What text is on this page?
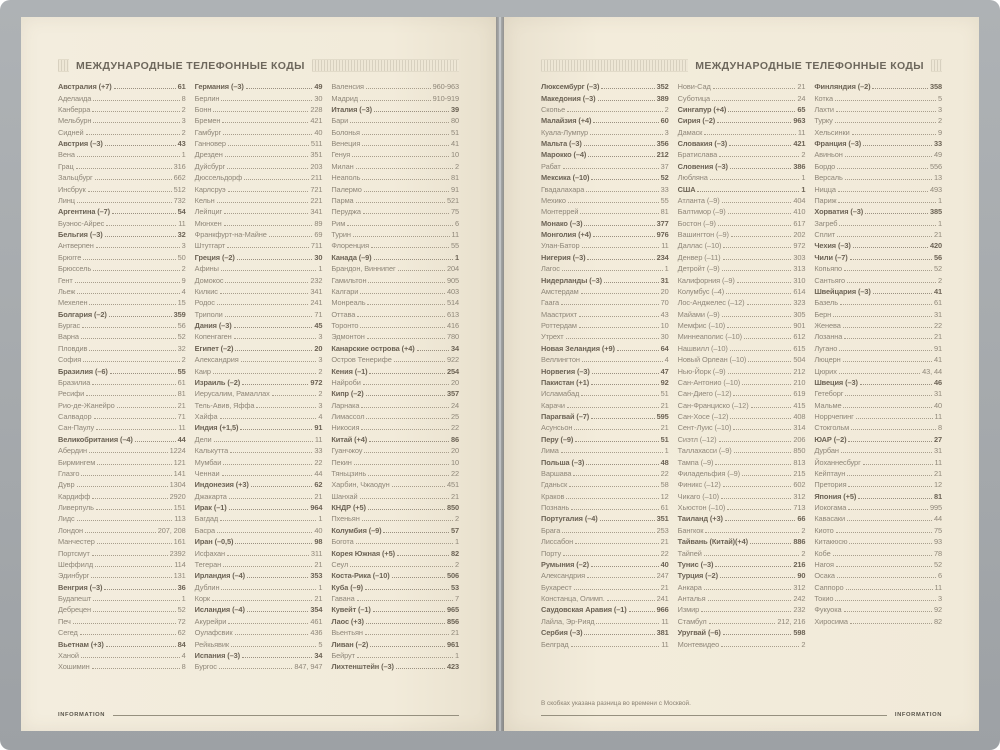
МЕЖДУНАРОДНЫЕ ТЕЛЕФОННЫЕ КОДЫ
Австралия (+7)	61
Аделаида	8
Канберра	2
Мельбурн	3
Сидней	2
Австрия (–3)	43
Вена	1
Грац	316
Зальцбург	662
Инсбрук	512
Линц	732
Аргентина (–7)	54
Буэнос-Айрес	11
Бельгия (–3)	32
Антверпен	3
Брюгге	50
Брюссель	2
Гент	9
Льеж	4
Мехелен	15
Болгария (–2)	359
Бургас	56
Варна	52
Пловдив	32
София	2
Бразилия (–6)	55
Бразилиа	61
Ресифи	81
Рио-де-Жанейро	21
Салвадор	71
Сан-Паулу	11
Великобритания (–4)	44
Абердин	1224
Бирмингем	121
Глазго	141
Дувр	1304
Кардифф	2920
Ливерпуль	151
Лидс	113
Лондон	207, 208
Манчестер	161
Портсмут	2392
Шеффилд	114
Эдинбург	131
Венгрия (–3)	36
Будапешт	1
Дебрецен	52
Печ	72
Сегед	62
Вьетнам (+3)	84
Ханой	4
Хошимин	8
Германия (–3)	49
Берлин	30
Бонн	228
Бремен	421
Гамбург	40
Ганновер	511
Дрезден	351
Дуйсбург	203
Дюссельдорф	211
Карлсруэ	721
Кельн	221
Лейпциг	341
Мюнхен	89
Франкфурт-на-Майне	69
Штутгарт	711
Греция (–2)	30
Афины	1
Домокос	232
Килкис	341
Родос	241
Триполи	71
Дания (–3)	45
Копенгаген	3
Египет (–2)	20
Александрия	3
Каир	2
Израиль (–2)	972
Иерусалим, Рамаллах	2
Тель-Авив, Яффа	3
Хайфа	4
Индия (+1,5)	91
Дели	11
Калькутта	33
Мумбаи	22
Ченнаи	44
Индонезия (+3)	62
Джакарта	21
Ирак (–1)	964
Багдад	1
Басра	40
Иран (–0,5)	98
Исфахан	311
Тегеран	21
Ирландия (–4)	353
Дублин	1
Корк	21
Исландия (–4)	354
Акурейри	461
Оулафсвик	436
Рейкьявик	5
Испания (–3)	34
Бургос	847, 947
Валенсия	960-963
Мадрид	910-919
Италия (–3)	39
Бари	80
Болонья	51
Венеция	41
Генуя	10
Милан	2
Неаполь	81
Палермо	91
Парма	521
Перуджа	75
Рим	6
Турин	11
Флоренция	55
Канада (–9)	1
Брандон, Виннипег	204
Гамильтон	905
Калгари	403
Монреаль	514
Оттава	613
Торонто	416
Эдмонтон	780
Канарские острова (+4)	34
Остров Тенерифе	922
Кения (–1)	254
Найроби	20
Кипр (–2)	357
Ларнака	24
Лимассол	25
Никосия	22
Китай (+4)	86
Гуанчжоу	20
Пекин	10
Тяньцзинь	22
Харбин, Чжаодун	451
Шанхай	21
КНДР (+5)	850
Пхеньян	2
Колумбия (–9)	57
Богота	1
Корея Южная (+5)	82
Сеул	2
Коста-Рика (–10)	506
Куба (–9)	53
Гавана	7
Кувейт (–1)	965
Лаос (+3)	856
Вьентьян	21
Ливан (–2)	961
Бейрут	1
Лихтенштейн (–3)	423
INFORMATION
МЕЖДУНАРОДНЫЕ ТЕЛЕФОННЫЕ КОДЫ
Люксембург (–3)	352
Македония (–3)	389
Скопье	2
Малайзия (+4)	60
Куала-Лумпур	3
Мальта (–3)	356
Марокко (–4)	212
Рабат	37
Мексика (–10)	52
Гвадалахара	33
Мехико	55
Монтеррей	81
Монако (–3)	377
Монголия (+4)	976
Улан-Батор	11
Нигерия (–3)	234
Лагос	1
Нидерланды (–3)	31
Амстердам	20
Гаага	70
Маастрихт	43
Роттердам	10
Утрехт	30
Новая Зеландия (+9)	64
Веллингтон	4
Норвегия (–3)	47
Пакистан (+1)	92
Исламабад	51
Карачи	21
Парагвай (–7)	595
Асунсьон	21
Перу (–9)	51
Лима	1
Польша (–3)	48
Варшава	22
Гданьск	58
Краков	12
Познань	61
Португалия (–4)	351
Брага	253
Лиссабон	21
Порту	22
Румыния (–2)	40
Александрия	247
Бухарест	21
Констанца, Олимп.	241
Саудовская Аравия (–1)	966
Лайла, Эр-Рияд	11
Сербия (–3)	381
Белград	11
Нови-Сад	21
Суботица	24
Сингапур (+4)	65
Сирия (–2)	963
Дамаск	11
Словакия (–3)	421
Братислава	2
Словения (–3)	386
Любляна	1
США	1
Атланта (–9)	404
Балтимор (–9)	410
Бостон (–9)	617
Вашингтон (–9)	202
Даллас (–10)	972
Денвер (–11)	303
Детройт (–9)	313
Калифорния (–9)	310
Колумбус (–4)	614
Лос-Анджелес (–12)	323
Майами (–9)	305
Мемфис (–10)	901
Миннеаполис (–10)	612
Нашвилл (–10)	615
Новый Орлеан (–10)	504
Нью-Йорк (–9)	212
Сан-Антонио (–10)	210
Сан-Диего (–12)	619
Сан-Франциско (–12)	415
Сан-Хосе (–12)	408
Сент-Луис (–10)	314
Сиэтл (–12)	206
Таллахасси (–9)	850
Тампа (–9)	813
Филадельфия (–9)	215
Финикс (–12)	602
Чикаго (–10)	312
Хьюстон (–10)	713
Таиланд (+3)	66
Бангкок	2
Тайвань (Китай)(+4)	886
Тайпей	2
Тунис (–3)	216
Турция (–2)	90
Анкара	312
Анталья	242
Измир	232
Стамбул	212, 216
Уругвай (–6)	598
Монтевидео	2
Финляндия (–2)	358
Котка	5
Лахти	3
Турку	2
Хельсинки	9
Франция (–3)	33
Авиньон	49
Бордо	556
Версаль	13
Ницца	493
Париж	1
Хорватия (–3)	385
Загреб	1
Сплит	21
Чехия (–3)	420
Чили (–7)	56
Копьяпо	52
Сантьяго	2
Швейцария (–3)	41
Базель	61
Берн	31
Женева	22
Лозанна	21
Лугано	91
Люцерн	41
Цюрих	43, 44
Швеция (–3)	46
Гетеборг	31
Мальме	40
Норрчепинг	11
Стокгольм	8
ЮАР (–2)	27
Дурбан	31
Йоханнесбург	11
Кейптаун	21
Претория	12
Япония (+5)	81
Иокогама	995
Кавасаки	44
Киото	75
Китакюсю	93
Кобе	78
Нагоя	52
Осака	6
Саппоро	11
Токио	3
Фукуока	92
Хиросима	82
В скобках указана разница во времени с Москвой.
INFORMATION
